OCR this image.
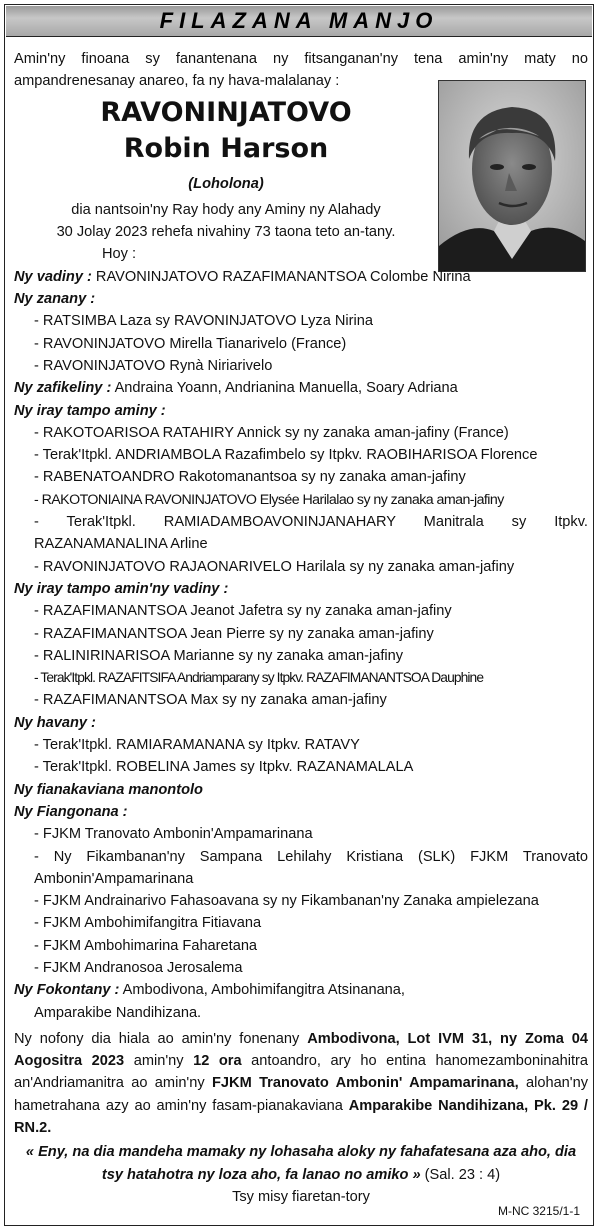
FILAZANA MANJO

Amin'ny finoana sy fanantenana ny fitsanganan'ny tena amin'ny maty no ampandrenesanay anareo, fa ny hava-malalanay :

RAVONINJATOVO

Robin Harson

(Loholona)

dia nantsoin'ny Ray hody any Aminy ny Alahady

30 Jolay 2023 rehefa nivahiny 73 taona teto an-tany.

Hoy :

Ny vadiny : RAVONINJATOVO RAZAFIMANANTSOA Colombe Nirina

Ny zanany :

- RATSIMBA Laza sy RAVONINJATOVO Lyza Nirina

- RAVONINJATOVO Mirella Tianarivelo (France)

- RAVONINJATOVO Rynà Niriarivelo

Ny zafikeliny : Andraina Yoann, Andrianina Manuella, Soary Adriana

Ny iray tampo aminy :

- RAKOTOARISOA RATAHIRY Annick sy ny zanaka aman-jafiny (France)

- Terak'Itpkl. ANDRIAMBOLA Razafimbelo sy Itpkv. RAOBIHARISOA Florence

- RABENATOANDRO Rakotomanantsoa sy ny zanaka aman-jafiny

- RAKOTONIAINA RAVONINJATOVO Elysée Harilalao sy ny zanaka aman-jafiny

- Terak'Itpkl. RAMIADAMBOAVONINJANAHARY Manitrala sy Itpkv. RAZANAMANALINA Arline

- RAVONINJATOVO RAJAONARIVELO Harilala sy ny zanaka aman-jafiny

Ny iray tampo amin'ny vadiny :

- RAZAFIMANANTSOA Jeanot Jafetra sy ny zanaka aman-jafiny

- RAZAFIMANANTSOA Jean Pierre sy ny zanaka aman-jafiny

- RALINIRINARISOA Marianne sy ny zanaka aman-jafiny

- Terak'Itpkl. RAZAFITSIFA Andriamparany sy Itpkv. RAZAFIMANANTSOA Dauphine

- RAZAFIMANANTSOA Max sy ny zanaka aman-jafiny

Ny havany :

- Terak'Itpkl. RAMIARAMANANA sy Itpkv. RATAVY

- Terak'Itpkl. ROBELINA James sy Itpkv. RAZANAMALALA

Ny fianakaviana manontolo

Ny Fiangonana :

- FJKM Tranovato Ambonin'Ampamarinana

- Ny Fikambanan'ny Sampana Lehilahy Kristiana (SLK) FJKM Tranovato Ambonin'Ampamarinana

- FJKM Andrainarivo Fahasoavana sy ny Fikambanan'ny Zanaka ampielezana

- FJKM Ambohimifangitra Fitiavana

- FJKM Ambohimarina Faharetana

- FJKM Andranosoa Jerosalema

Ny Fokontany : Ambodivona, Ambohimifangitra Atsinanana,

Amparakibe Nandihizana.

Ny nofony dia hiala ao amin'ny fonenany Ambodivona, Lot IVM 31, ny Zoma 04 Aogositra 2023 amin'ny 12 ora antoandro, ary ho entina hanomezamboninahitra an'Andriamanitra ao amin'ny FJKM Tranovato Ambonin' Ampamarinana, alohan'ny hametrahana azy ao amin'ny fasam-pianakaviana Amparakibe Nandihizana, Pk. 29 / RN.2.

« Eny, na dia mandeha mamaky ny lohasaha aloky ny fahafatesana aza aho, dia tsy hatahotra ny loza aho, fa lanao no amiko » (Sal. 23 : 4)

Tsy misy fiaretan-tory

M-NC 3215/1-1
